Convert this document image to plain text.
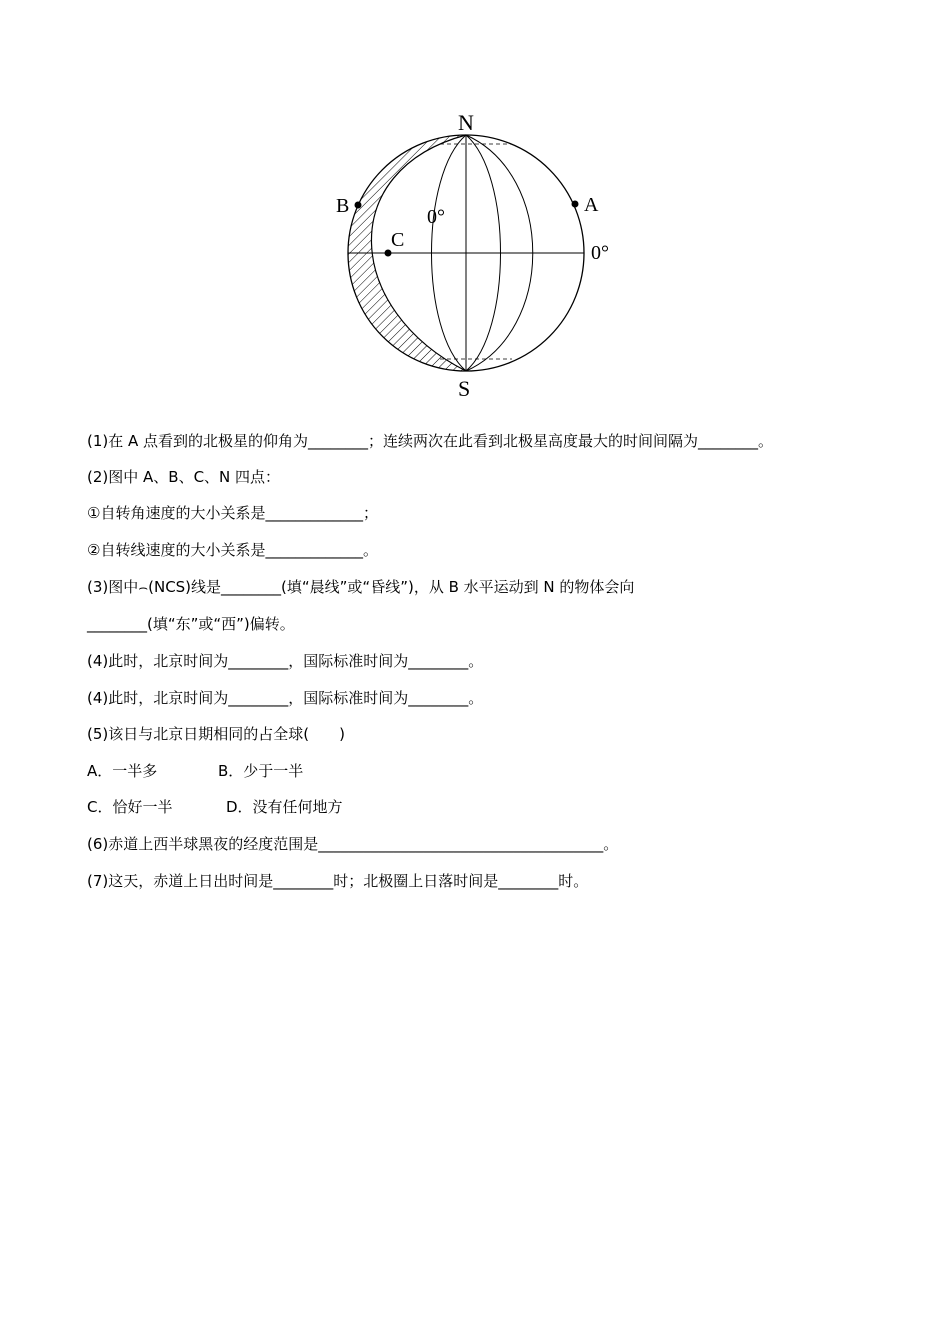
N
S
A
B
C
0°
0°
(1)在 A 点看到的北极星的仰角为________；连续两次在此看到北极星高度最大的时间间隔为________。
(2)图中 A、B、C、N 四点：
①自转角速度的大小关系是_____________；
②自转线速度的大小关系是_____________。
(3)图中⌢(NCS)线是________(填“晨线”或“昏线”)，从 B 水平运动到 N 的物体会向
________(填“东”或“西”)偏转。
(4)此时，北京时间为________，国际标准时间为________。
(4)此时，北京时间为________，国际标准时间为________。
(5)该日与北京日期相同的占全球(　　)
A．一半多	B．少于一半
C．恰好一半	D．没有任何地方
(6)赤道上西半球黑夜的经度范围是______________________________________。
(7)这天，赤道上日出时间是________时；北极圈上日落时间是________时。
